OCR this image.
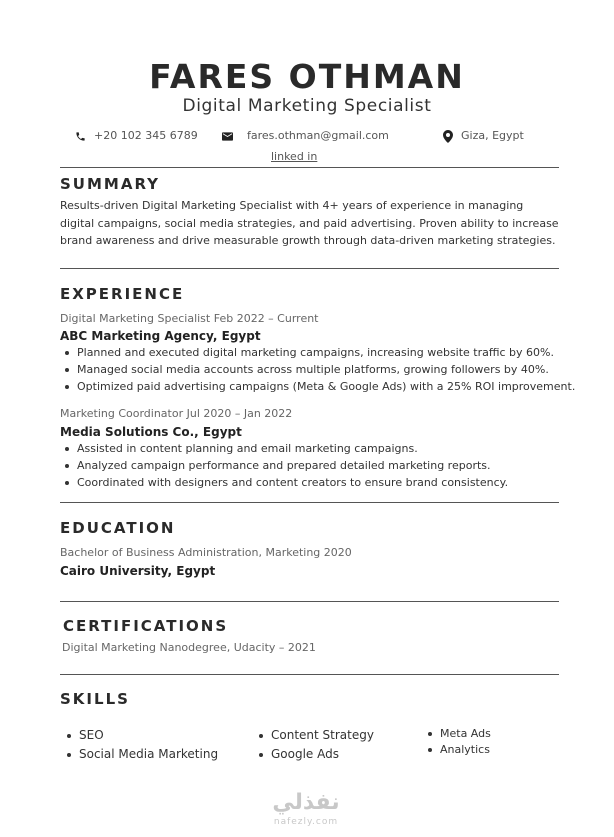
FARES OTHMAN
Digital Marketing Specialist
+20 102 345 6789	fares.othman@gmail.com	Giza, Egypt
linked in
SUMMARY

Results-driven Digital Marketing Specialist with 4+ years of experience in managing digital campaigns, social media strategies, and paid advertising. Proven ability to increase brand awareness and drive measurable growth through data-driven marketing strategies.

EXPERIENCE
Digital Marketing Specialist Feb 2022 – Current
ABC Marketing Agency, Egypt
Planned and executed digital marketing campaigns, increasing website traffic by 60%.
Managed social media accounts across multiple platforms, growing followers by 40%.
Optimized paid advertising campaigns (Meta & Google Ads) with a 25% ROI improvement.
Marketing Coordinator Jul 2020 – Jan 2022
Media Solutions Co., Egypt
Assisted in content planning and email marketing campaigns.
Analyzed campaign performance and prepared detailed marketing reports.
Coordinated with designers and content creators to ensure brand consistency.
EDUCATION
Bachelor of Business Administration, Marketing 2020
Cairo University, Egypt
CERTIFICATIONS
Digital Marketing Nanodegree, Udacity – 2021
SKILLS
SEO
Social Media Marketing
Content Strategy
Google Ads
Meta Ads
Analytics
نفذلي
nafezly.com
